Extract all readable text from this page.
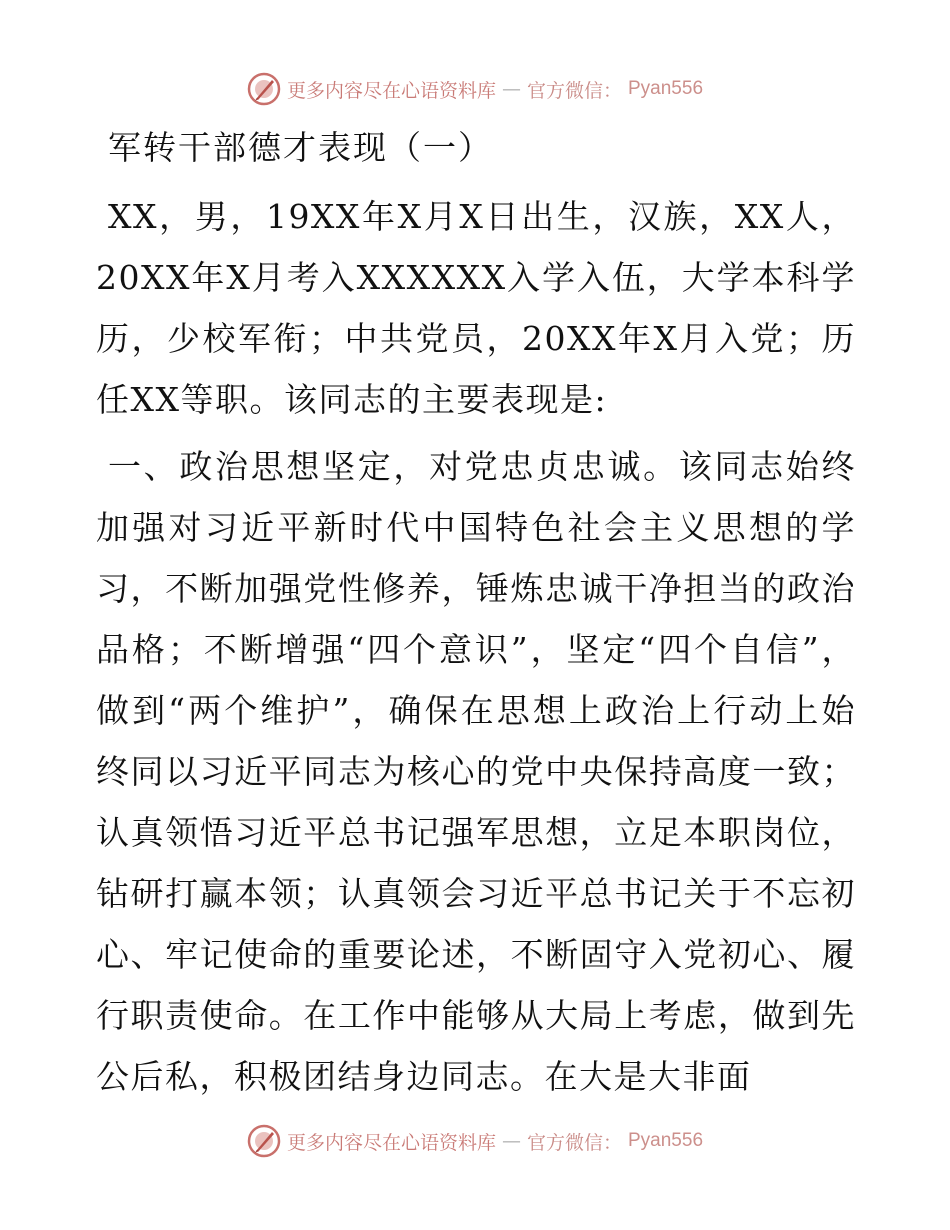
更多内容尽在心语资料库 — 官方微信： Pyan556
军转干部德才表现（一）

XX，男，19XX年X月X日出生，汉族，XX人，20XX年X月考入XXXXXX入学入伍，大学本科学历，少校军衔；中共党员，20XX年X月入党；历任XX等职。该同志的主要表现是:

一、政治思想坚定，对党忠贞忠诚。该同志始终加强对习近平新时代中国特色社会主义思想的学习，不断加强党性修养，锤炼忠诚干净担当的政治品格；不断增强“四个意识”，坚定“四个自信”，做到“两个维护”，确保在思想上政治上行动上始终同以习近平同志为核心的党中央保持高度一致；认真领悟习近平总书记强军思想，立足本职岗位，钻研打赢本领；认真领会习近平总书记关于不忘初心、牢记使命的重要论述，不断固守入党初心、履行职责使命。在工作中能够从大局上考虑，做到先公后私，积极团结身边同志。在大是大非面

更多内容尽在心语资料库 — 官方微信： Pyan556
